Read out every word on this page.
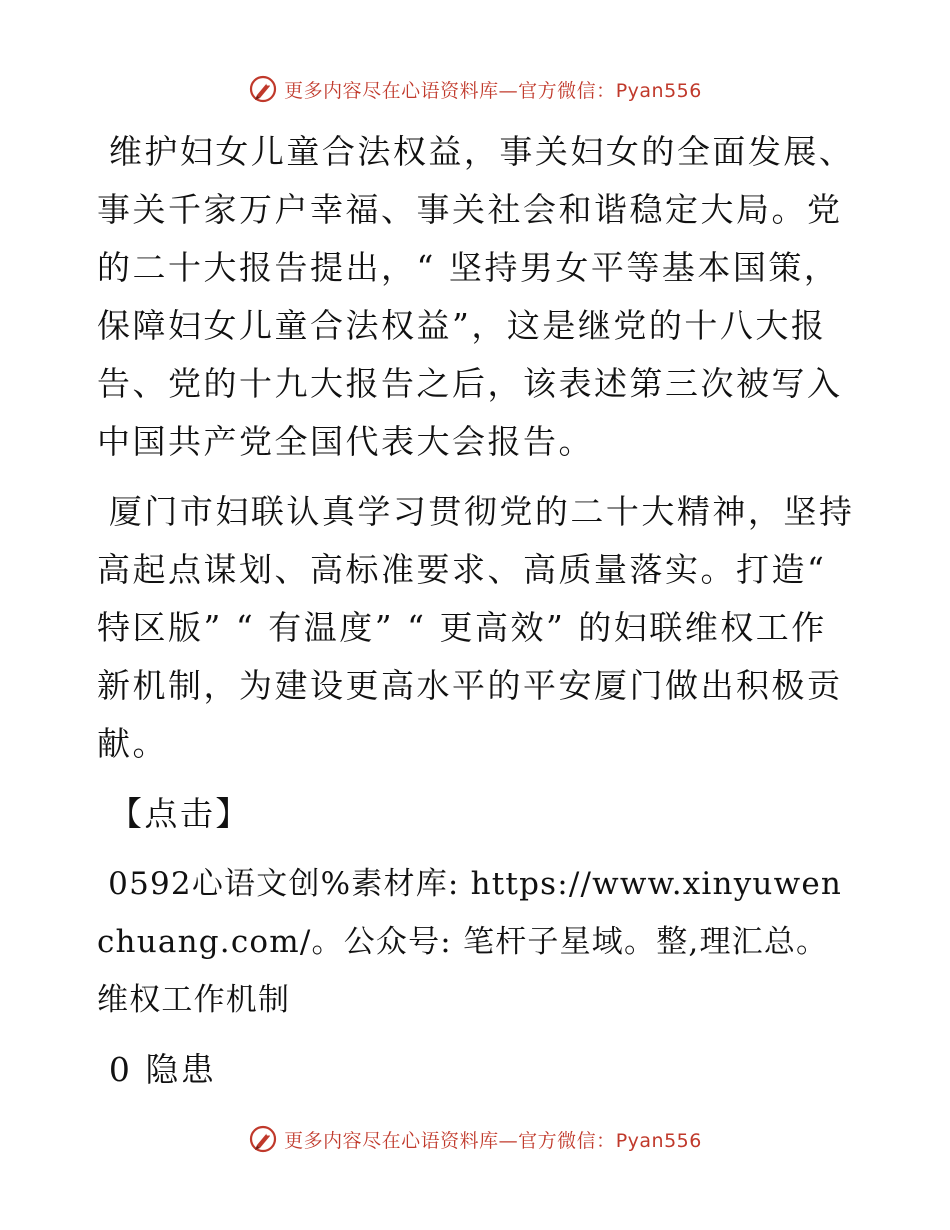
更多内容尽在心语资料库—官方微信：Pyan556

维护妇女儿童合法权益，事关妇女的全面发展、事关千家万户幸福、事关社会和谐稳定大局。党的二十大报告提出，“ 坚持男女平等基本国策，保障妇女儿童合法权益”，这是继党的十八大报告、党的十九大报告之后，该表述第三次被写入中国共产党全国代表大会报告。

厦门市妇联认真学习贯彻党的二十大精神，坚持高起点谋划、高标准要求、高质量落实。打造“ 特区版” “ 有温度” “ 更高效” 的妇联维权工作新机制，为建设更高水平的平安厦门做出积极贡献。

【点击】

0592心语文创%素材库: https://www.xinyuwenchuang.com/。公众号: 笔杆子星域。整,理汇总。 维权工作机制

0 隐患

更多内容尽在心语资料库—官方微信：Pyan556
